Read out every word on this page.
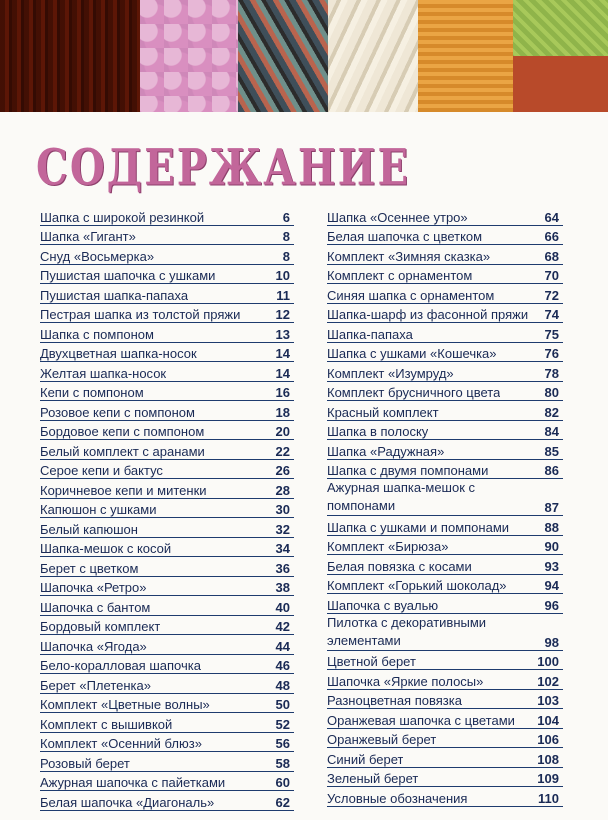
СОДЕРЖАНИЕ
Шапка с широкой резинкой	6
Шапка «Гигант»	8
Снуд «Восьмерка»	8
Пушистая шапочка с ушками	10
Пушистая шапка-папаха	11
Пестрая шапка из толстой пряжи	12
Шапка с помпоном	13
Двухцветная шапка-носок	14
Желтая шапка-носок	14
Кепи с помпоном	16
Розовое кепи с помпоном	18
Бордовое кепи с помпоном	20
Белый комплект с аранами	22
Серое кепи и бактус	26
Коричневое кепи и митенки	28
Капюшон с ушками	30
Белый капюшон	32
Шапка-мешок с косой	34
Берет с цветком	36
Шапочка «Ретро»	38
Шапочка с бантом	40
Бордовый комплект	42
Шапочка «Ягода»	44
Бело-коралловая шапочка	46
Берет «Плетенка»	48
Комплект «Цветные волны»	50
Комплект с вышивкой	52
Комплект «Осенний блюз»	56
Розовый берет	58
Ажурная шапочка с пайетками	60
Белая шапочка «Диагональ»	62
Шапка «Осеннее утро»	64
Белая шапочка с цветком	66
Комплект «Зимняя сказка»	68
Комплект с орнаментом	70
Синяя шапка с орнаментом	72
Шапка-шарф из фасонной пряжи 74
Шапка-папаха	75
Шапка с ушками «Кошечка»	76
Комплект «Изумруд»	78
Комплект брусничного цвета	80
Красный комплект	82
Шапка в полоску	84
Шапка «Радужная»	85
Шапка с двумя помпонами	86
Ажурная шапка-мешок с помпонами	87
Шапка с ушками и помпонами	88
Комплект «Бирюза»	90
Белая повязка с косами	93
Комплект «Горький шоколад»	94
Шапочка с вуалью	96
Пилотка с декоративными элементами	98
Цветной берет	100
Шапочка «Яркие полосы»	102
Разноцветная повязка	103
Оранжевая шапочка с цветами 104
Оранжевый берет	106
Синий берет	108
Зеленый берет	109
Условные обозначения	110
